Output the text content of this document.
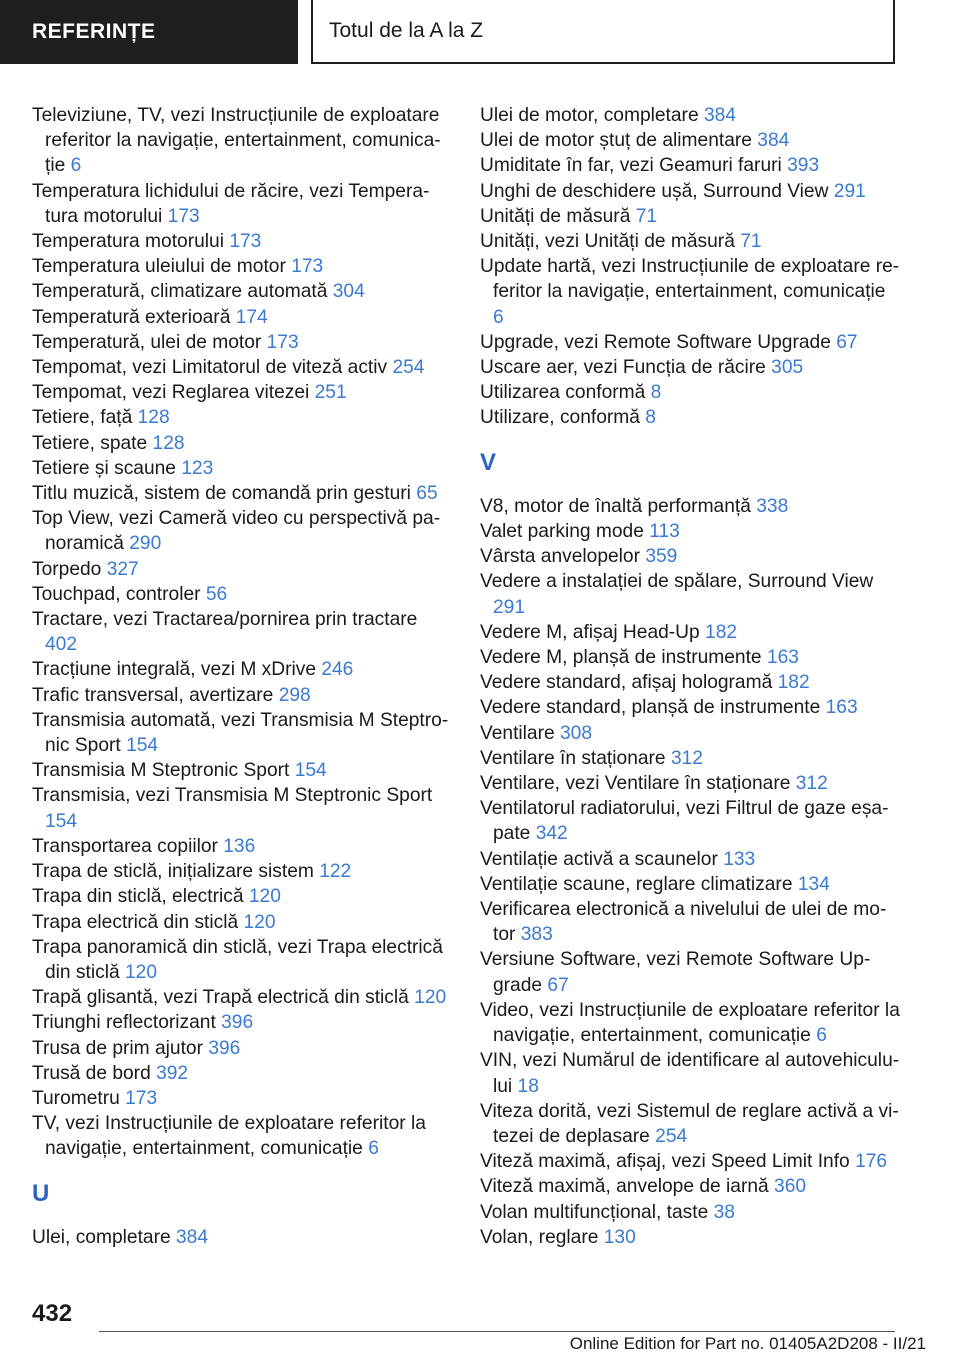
REFERINȚE	Totul de la A la Z
Televiziune, TV, vezi Instrucțiunile de exploatare referitor la navigație, entertainment, comunicație 6
Temperatura lichidului de răcire, vezi Temperatura motorului 173
Temperatura motorului 173
Temperatura uleiului de motor 173
Temperatură, climatizare automată 304
Temperatură exterioară 174
Temperatură, ulei de motor 173
Tempomat, vezi Limitatorul de viteză activ 254
Tempomat, vezi Reglarea vitezei 251
Tetiere, față 128
Tetiere, spate 128
Tetiere și scaune 123
Titlu muzică, sistem de comandă prin gesturi 65
Top View, vezi Cameră video cu perspectivă panoramică 290
Torpedo 327
Touchpad, controler 56
Tractare, vezi Tractarea/pornirea prin tractare 402
Tracțiune integrală, vezi M xDrive 246
Trafic transversal, avertizare 298
Transmisia automată, vezi Transmisia M Steptronic Sport 154
Transmisia M Steptronic Sport 154
Transmisia, vezi Transmisia M Steptronic Sport 154
Transportarea copiilor 136
Trapa de sticlă, inițializare sistem 122
Trapa din sticlă, electrică 120
Trapa electrică din sticlă 120
Trapa panoramică din sticlă, vezi Trapa electrică din sticlă 120
Trapă glisantă, vezi Trapă electrică din sticlă 120
Triunghi reflectorizant 396
Trusa de prim ajutor 396
Trusă de bord 392
Turometru 173
TV, vezi Instrucțiunile de exploatare referitor la navigație, entertainment, comunicație 6
U
Ulei, completare 384
Ulei de motor, completare 384
Ulei de motor ștuț de alimentare 384
Umiditate în far, vezi Geamuri faruri 393
Unghi de deschidere ușă, Surround View 291
Unități de măsură 71
Unități, vezi Unități de măsură 71
Update hartă, vezi Instrucțiunile de exploatare referitor la navigație, entertainment, comunicație 6
Upgrade, vezi Remote Software Upgrade 67
Uscare aer, vezi Funcția de răcire 305
Utilizarea conformă 8
Utilizare, conformă 8
V
V8, motor de înaltă performanță 338
Valet parking mode 113
Vârsta anvelopelor 359
Vedere a instalației de spălare, Surround View 291
Vedere M, afișaj Head-Up 182
Vedere M, planșă de instrumente 163
Vedere standard, afișaj hologramă 182
Vedere standard, planșă de instrumente 163
Ventilare 308
Ventilare în staționare 312
Ventilare, vezi Ventilare în staționare 312
Ventilatorul radiatorului, vezi Filtrul de gaze eșapate 342
Ventilație activă a scaunelor 133
Ventilație scaune, reglare climatizare 134
Verificarea electronică a nivelului de ulei de motor 383
Versiune Software, vezi Remote Software Upgrade 67
Video, vezi Instrucțiunile de exploatare referitor la navigație, entertainment, comunicație 6
VIN, vezi Numărul de identificare al autovehiculului 18
Viteza dorită, vezi Sistemul de reglare activă a vitezei de deplasare 254
Viteză maximă, afișaj, vezi Speed Limit Info 176
Viteză maximă, anvelope de iarnă 360
Volan multifuncțional, taste 38
Volan, reglare 130
432
Online Edition for Part no. 01405A2D208 - II/21
